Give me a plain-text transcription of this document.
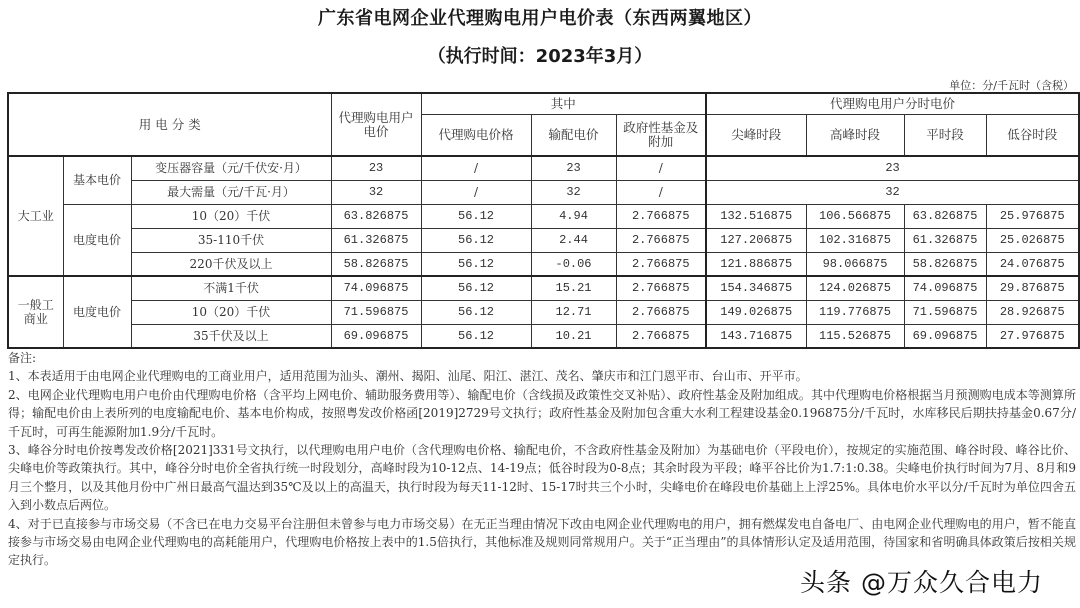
广东省电网企业代理购电用户电价表（东西两翼地区）
（执行时间：2023年3月）
单位：分/千瓦时（含税）
用 电 分 类			代理购电用户电价	其中			代理购电用户分时电价			
				代理购电价格	输配电价	政府性基金及附加	尖峰时段	高峰时段	平时段	低谷时段
大工业	基本电价	变压器容量（元/千伏安·月）	23	/	23	/	23			
		最大需量（元/千瓦·月）	32	/	32	/	32			
	电度电价	10（20）千伏	63.826875	56.12	4.94	2.766875	132.516875	106.566875	63.826875	25.976875
		35-110千伏	61.326875	56.12	2.44	2.766875	127.206875	102.316875	61.326875	25.026875
		220千伏及以上	58.826875	56.12	-0.06	2.766875	121.886875	98.066875	58.826875	24.076875
一般工商业	电度电价	不满1千伏	74.096875	56.12	15.21	2.766875	154.346875	124.026875	74.096875	29.876875
		10（20）千伏	71.596875	56.12	12.71	2.766875	149.026875	119.776875	71.596875	28.926875
		35千伏及以上	69.096875	56.12	10.21	2.766875	143.716875	115.526875	69.096875	27.976875

备注:

1、本表适用于由电网企业代理购电的工商业用户，适用范围为汕头、潮州、揭阳、汕尾、阳江、湛江、茂名、肇庆市和江门恩平市、台山市、开平市。

2、电网企业代理购电用户电价由代理购电价格（含平均上网电价、辅助服务费用等）、输配电价（含线损及政策性交叉补贴）、政府性基金及附加组成。其中代理购电价格根据当月预测购电成本等测算所得；输配电价由上表所列的电度输配电价、基本电价构成，按照粤发改价格函[2019]2729号文执行；政府性基金及附加包含重大水利工程建设基金0.196875分/千瓦时，水库移民后期扶持基金0.67分/千瓦时，可再生能源附加1.9分/千瓦时。

3、峰谷分时电价按粤发改价格[2021]331号文执行，以代理购电用户电价（含代理购电价格、输配电价，不含政府性基金及附加）为基础电价（平段电价），按规定的实施范围、峰谷时段、峰谷比价、尖峰电价等政策执行。其中，峰谷分时电价全省执行统一时段划分，高峰时段为10-12点、14-19点；低谷时段为0-8点；其余时段为平段；峰平谷比价为1.7:1:0.38。尖峰电价执行时间为7月、8月和9月三个整月，以及其他月份中广州日最高气温达到35℃及以上的高温天，执行时段为每天11-12时、15-17时共三个小时，尖峰电价在峰段电价基础上上浮25%。具体电价水平以分/千瓦时为单位四舍五入到小数点后两位。

4、对于已直接参与市场交易（不含已在电力交易平台注册但未曾参与电力市场交易）在无正当理由情况下改由电网企业代理购电的用户，拥有燃煤发电自备电厂、由电网企业代理购电的用户，暂不能直接参与市场交易由电网企业代理购电的高耗能用户，代理购电价格按上表中的1.5倍执行，其他标准及规则同常规用户。关于“正当理由”的具体情形认定及适用范围，待国家和省明确具体政策后按相关规定执行。

头条 @万众久合电力
